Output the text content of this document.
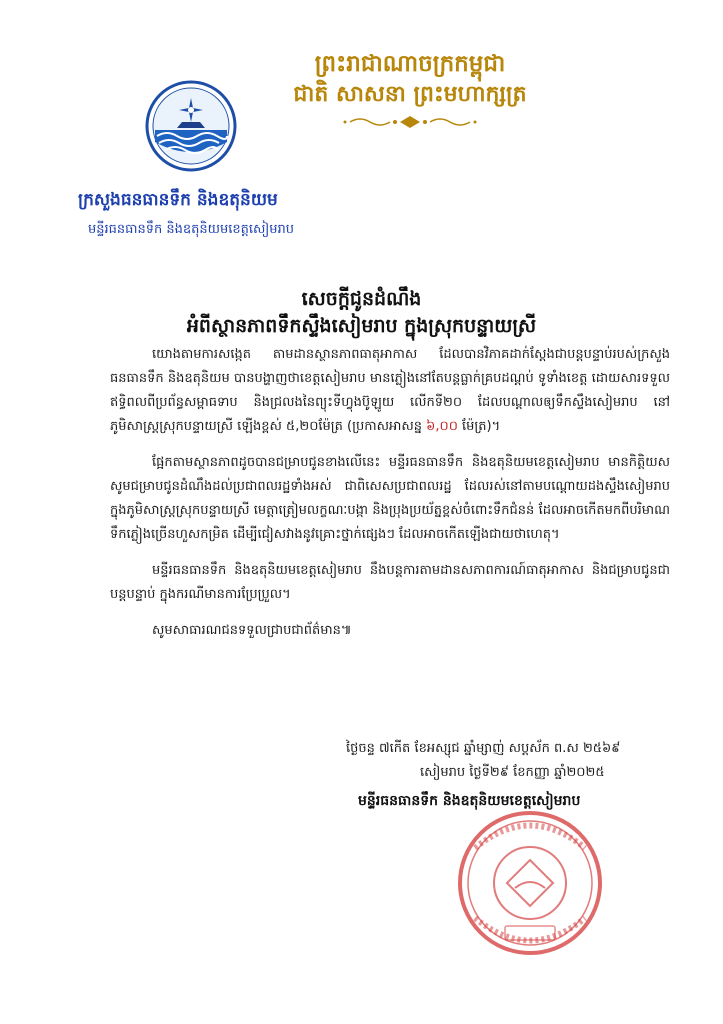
ព្រះរាជាណាចក្រកម្ពុជា
ជាតិ សាសនា ព្រះមហាក្សត្រ
ក្រសួងធនធានទឹក និងឧតុនិយម
មន្ទីរធនធានទឹក និងឧតុនិយមខេត្តសៀមរាប
សេចក្តីជូនដំណឹង
អំពីស្ថានភាពទឹកស្ទឹងសៀមរាប ក្នុងស្រុកបន្ទាយស្រី

យោងតាមការសង្កេត តាមដានស្ថានភាពធាតុអាកាស ដែលបានវិភាគដាក់ស្តែងជាបន្តបន្ទាប់របស់ក្រសួងធនធានទឹក និងឧតុនិយម បានបង្ហាញថាខេត្តសៀមរាប មានភ្លៀងនៅតែបន្តធ្លាក់គ្របដណ្តប់ ទូទាំងខេត្ត ដោយសារទទួលឥទ្ធិពលពីប្រព័ន្ធសម្ពាធទាប និងជ្រលងនៃព្យុះទីហ្វុងប៊ូឡូយ លើកទី២០ ដែលបណ្តាលឲ្យទឹកស្ទឹងសៀមរាប នៅភូមិសាស្ត្រស្រុកបន្ទាយស្រី ឡើងខ្ពស់ ៥,២០ម៉ែត្រ (ប្រកាសអាសន្ន ៦,០០ ម៉ែត្រ)។

ផ្អែកតាមស្ថានភាពដូចបានជម្រាបជូនខាងលើនេះ មន្ទីរធនធានទឹក និងឧតុនិយមខេត្តសៀមរាប មានកិត្តិយសសូមជម្រាបជូនដំណឹងដល់ប្រជាពលរដ្ឋទាំងអស់ ជាពិសេសប្រជាពលរដ្ឋ ដែលរស់នៅតាមបណ្តោយដងស្ទឹងសៀមរាប ក្នុងភូមិសាស្ត្រស្រុកបន្ទាយស្រី មេត្តាត្រៀមលក្ខណៈបង្កា និងប្រុងប្រយ័ត្នខ្ពស់ចំពោះទឹកជំនន់ ដែលអាចកើតមកពីបរិមាណទឹកភ្លៀងច្រើនហួសកម្រិត ដើម្បីជៀសវាងនូវគ្រោះថ្នាក់ផ្សេងៗ ដែលអាចកើតឡើងជាយថាហេតុ។

មន្ទីរធនធានទឹក និងឧតុនិយមខេត្តសៀមរាប នឹងបន្តការតាមដានសភាពការណ៍ធាតុអាកាស និងជម្រាបជូនជាបន្តបន្ទាប់ ក្នុងករណីមានការប្រែប្រួល។

សូមសាធារណជនទទួលជ្រាបជាព័ត៌មាន៕

ថ្ងៃចន្ទ ៧កើត ខែអស្សុជ ឆ្នាំម្សាញ់ សប្តស័ក ព.ស ២៥៦៩
សៀមរាប ថ្ងៃទី២៩ ខែកញ្ញា ឆ្នាំ២០២៥
មន្ទីរធនធានទឹក និងឧតុនិយមខេត្តសៀមរាប
